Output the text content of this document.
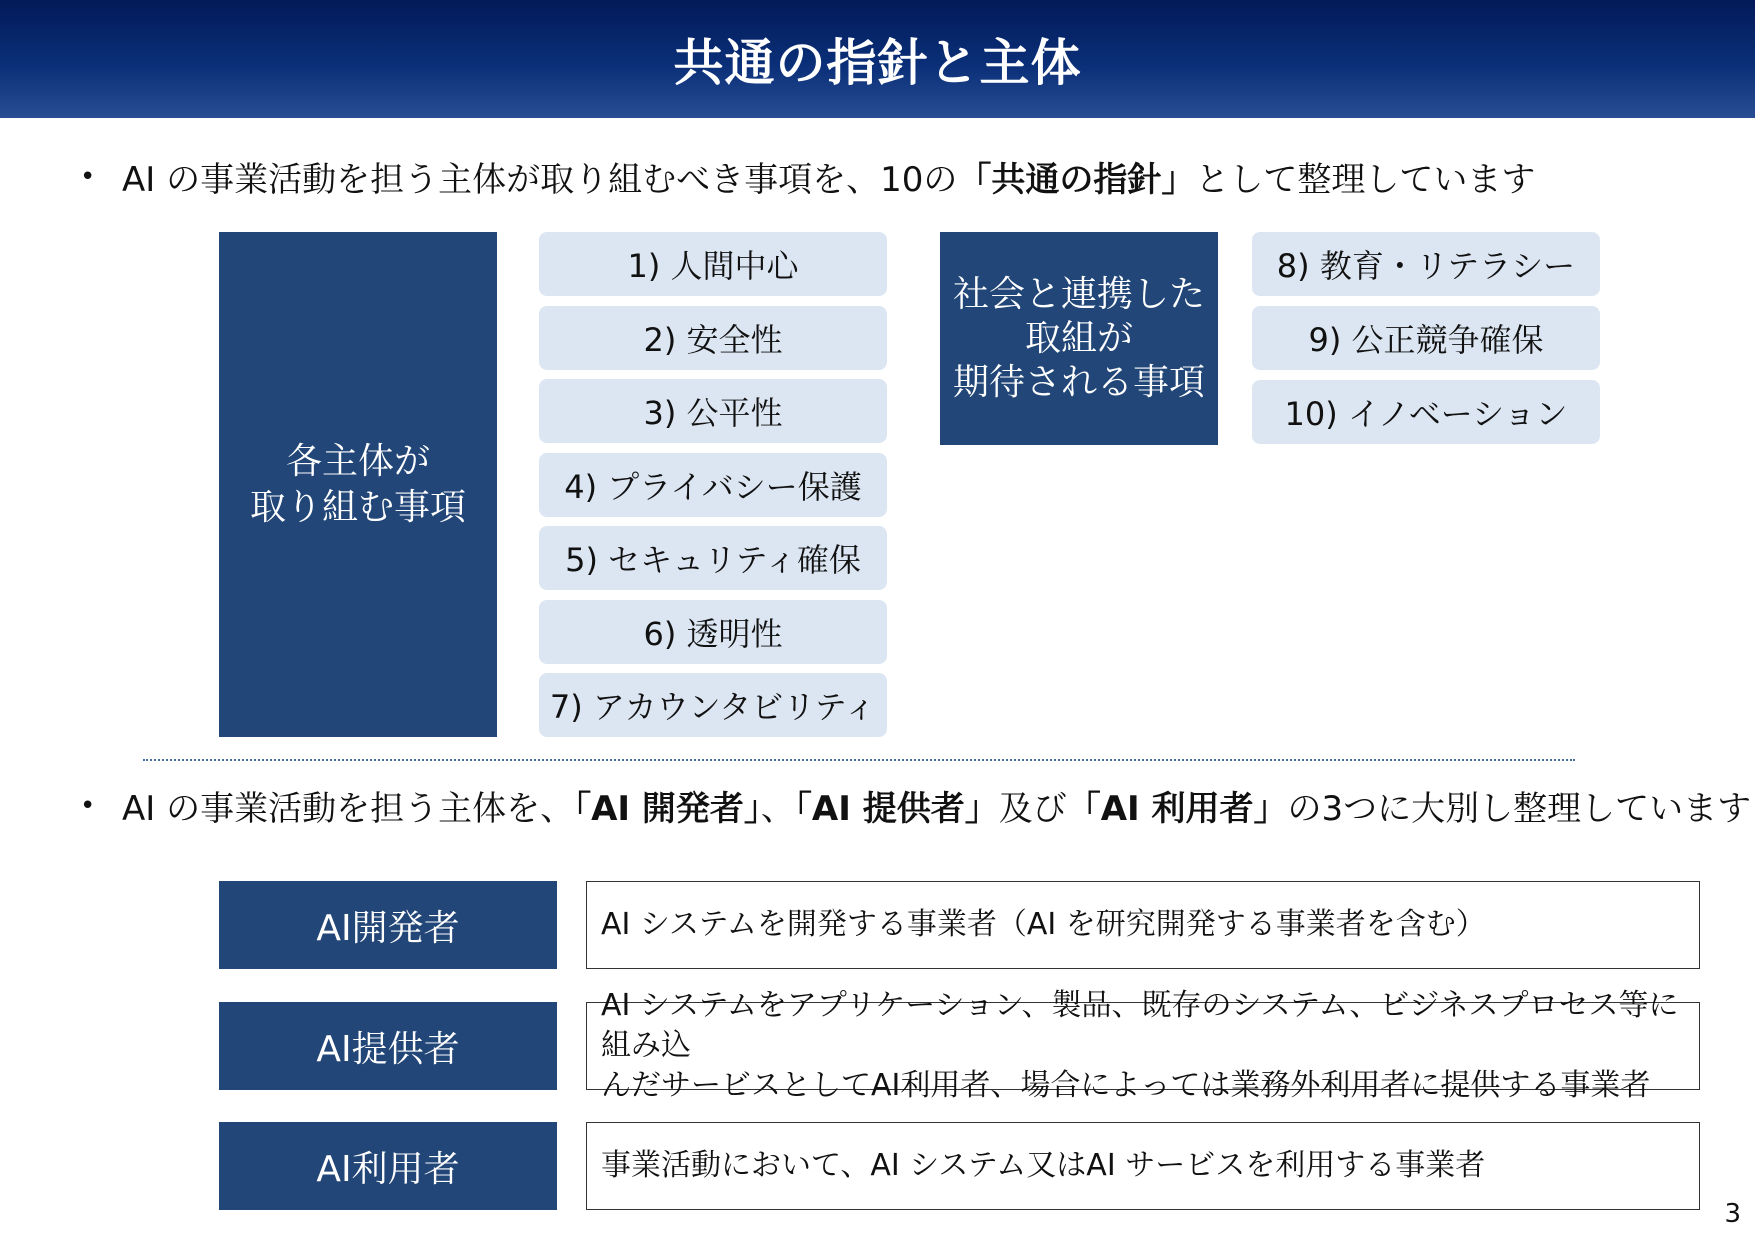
共通の指針と主体
• AI の事業活動を担う主体が取り組むべき事項を、10の「共通の指針」として整理しています
各主体が
取り組む事項
1) 人間中心
2) 安全性
3) 公平性
4) プライバシー保護
5) セキュリティ確保
6) 透明性
7) アカウンタビリティ
社会と連携した
取組が
期待される事項
8) 教育・リテラシー
9) 公正競争確保
10) イノベーション
• AI の事業活動を担う主体を、「AI 開発者」、「AI 提供者」及び「AI 利用者」の3つに大別し整理しています
AI開発者	AI システムを開発する事業者（AI を研究開発する事業者を含む）
AI提供者
AI システムをアプリケーション、製品、既存のシステム、ビジネスプロセス等に組み込
んだサービスとしてAI利用者、場合によっては業務外利用者に提供する事業者
AI利用者	事業活動において、AI システム又はAI サービスを利用する事業者
3
